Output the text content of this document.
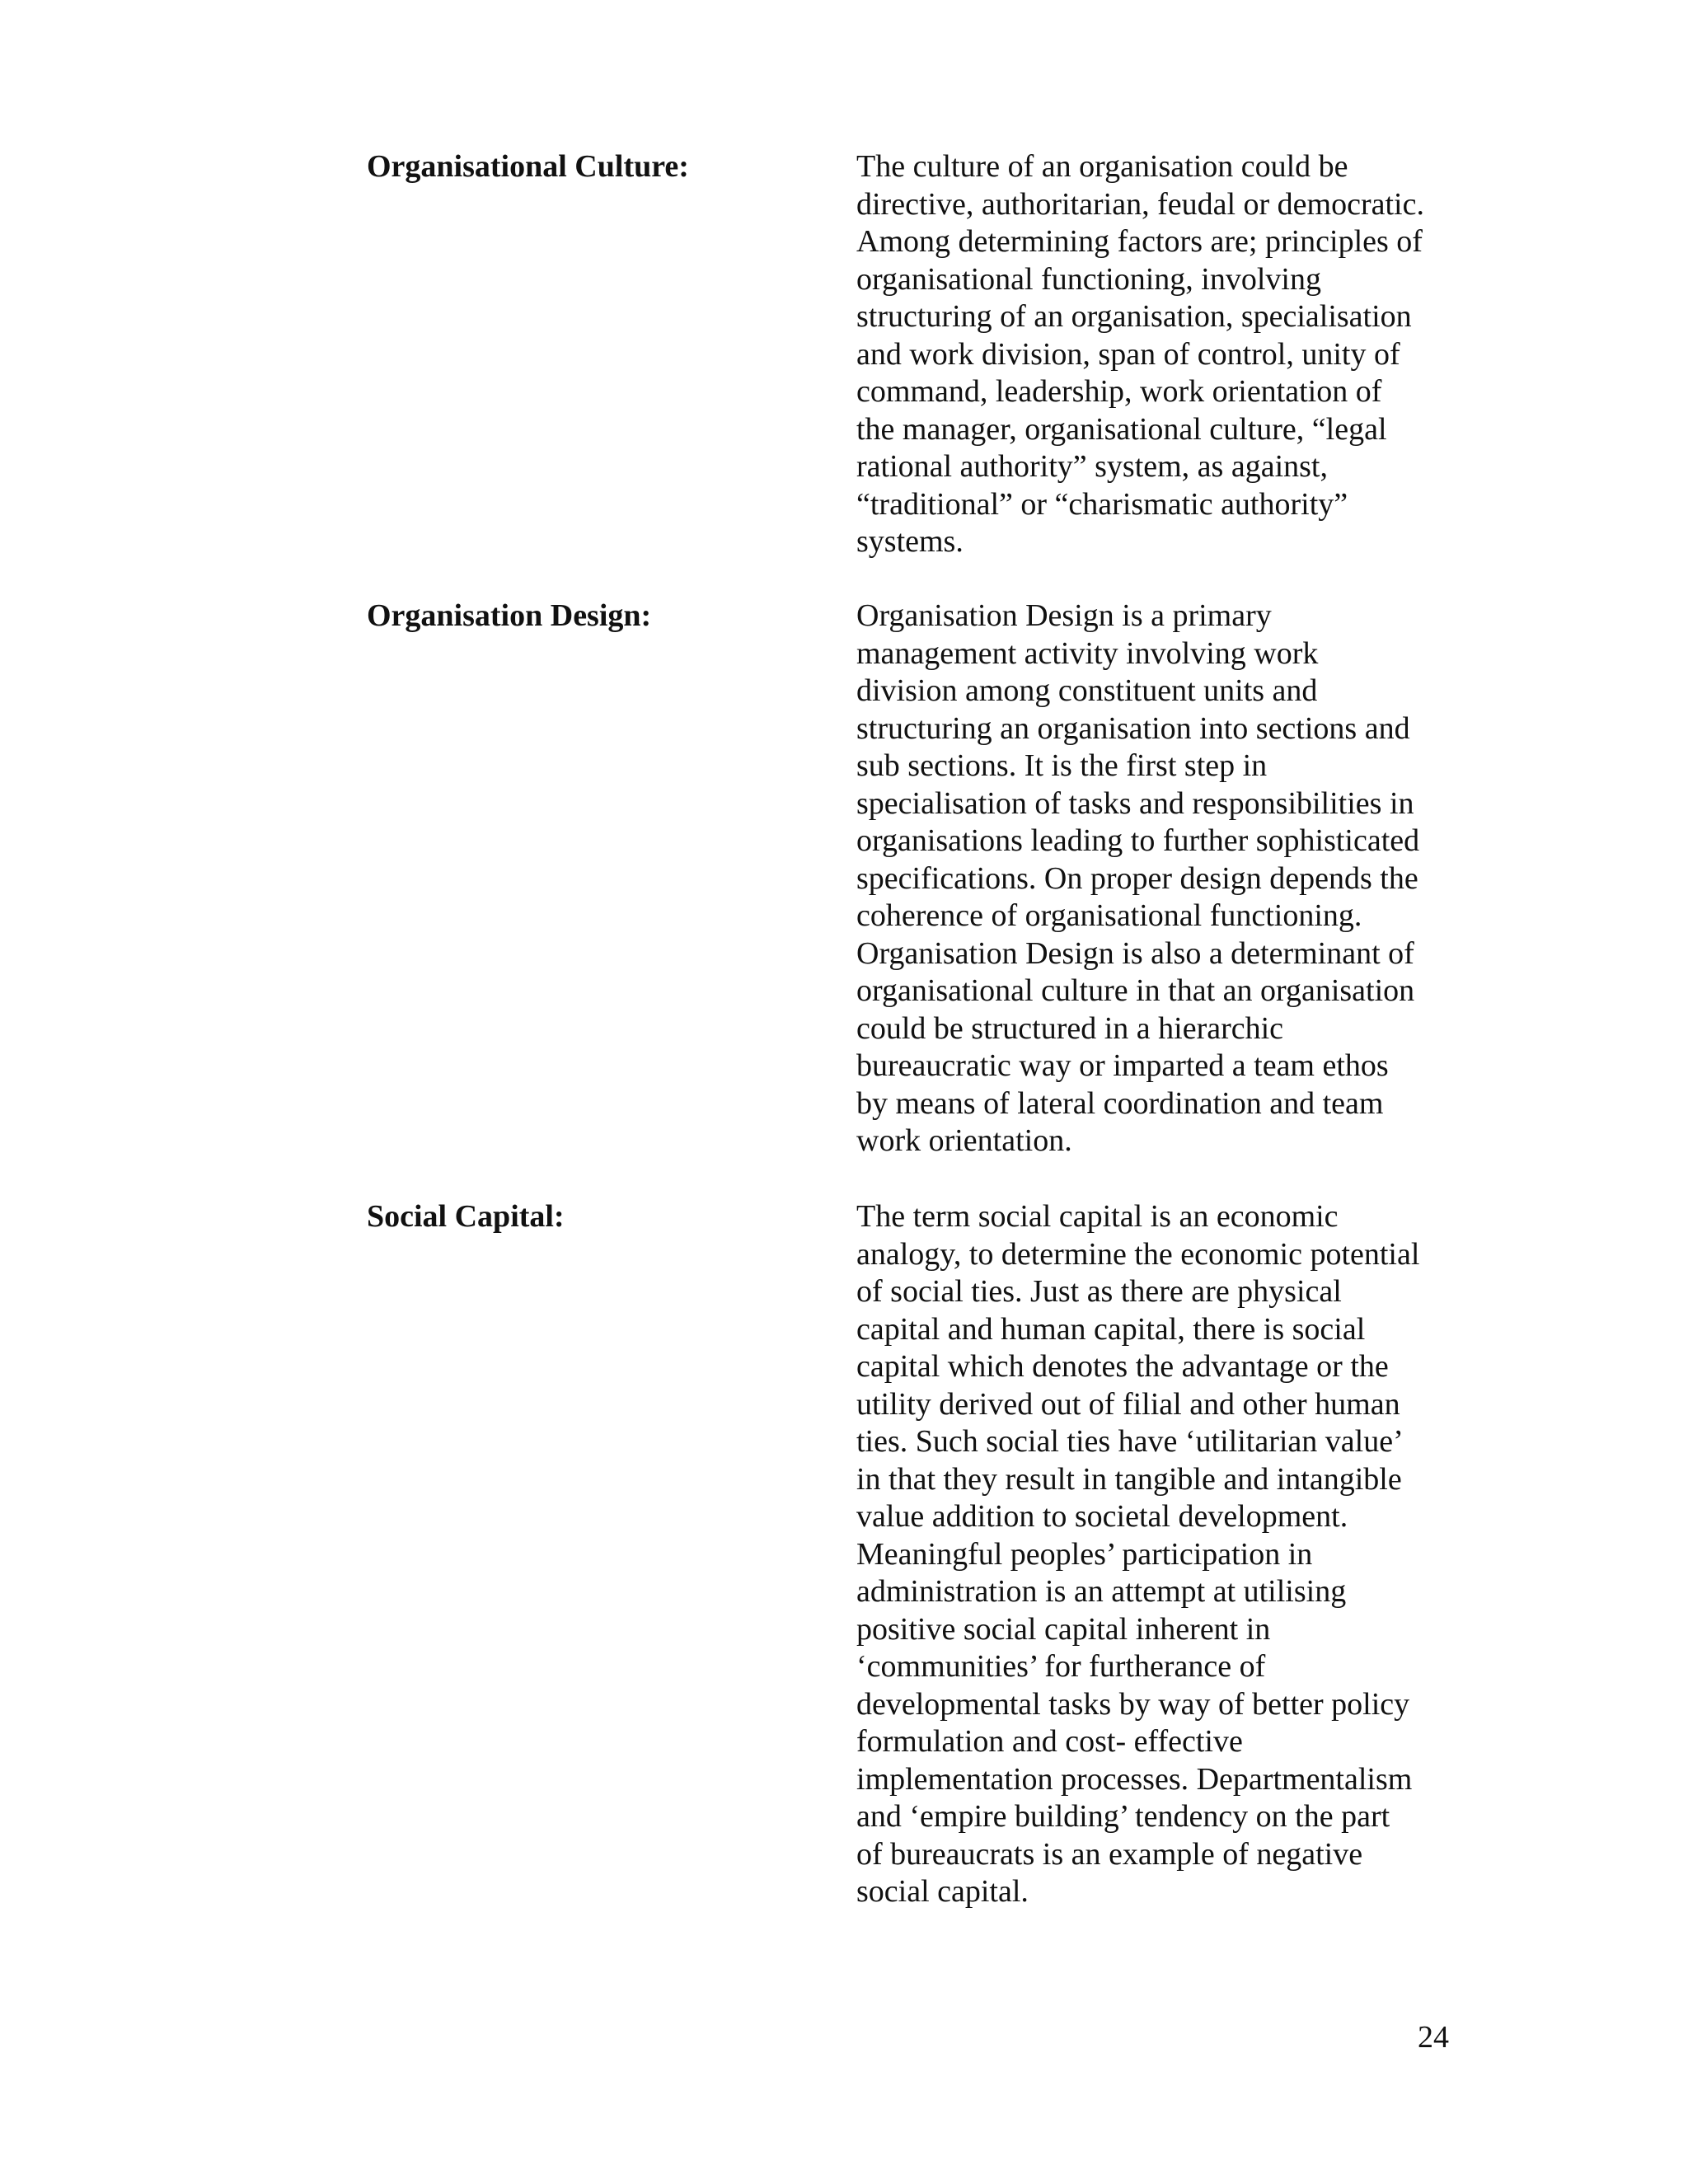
Organisational Culture:	The culture of an organisation could be
directive, authoritarian, feudal or democratic.
Among determining factors are; principles of
organisational functioning, involving
structuring of an organisation, specialisation
and work division, span of control, unity of
command, leadership, work orientation of
the manager, organisational culture, “legal
rational authority” system, as against,
“traditional” or “charismatic authority”
systems.

Organisation Design:	Organisation Design is a primary
management activity involving work
division among constituent units and
structuring an organisation into sections and
sub sections. It is the first step in
specialisation of tasks and responsibilities in
organisations leading to further sophisticated
specifications. On proper design depends the
coherence of organisational functioning.
Organisation Design is also a determinant of
organisational culture in that an organisation
could be structured in a hierarchic
bureaucratic way or imparted a team ethos
by means of lateral coordination and team
work orientation.

Social Capital:	The term social capital is an economic
analogy, to determine the economic potential
of social ties. Just as there are physical
capital and human capital, there is social
capital which denotes the advantage or the
utility derived out of filial and other human
ties. Such social ties have ‘utilitarian value’
in that they result in tangible and intangible
value addition to societal development.
Meaningful peoples’ participation in
administration is an attempt at utilising
positive social capital inherent in
‘communities’ for furtherance of
developmental tasks by way of better policy
formulation and cost- effective
implementation processes. Departmentalism
and ‘empire building’ tendency on the part
of bureaucrats is an example of negative
social capital.

24
